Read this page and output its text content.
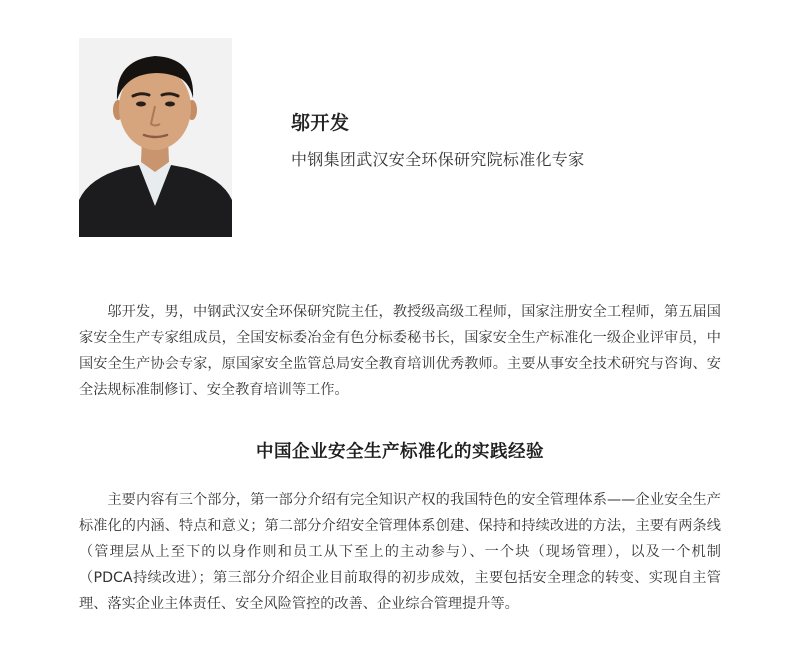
邬开发
中钢集团武汉安全环保研究院标准化专家

邬开发，男，中钢武汉安全环保研究院主任，教授级高级工程师，国家注册安全工程师，第五届国家安全生产专家组成员，全国安标委冶金有色分标委秘书长，国家安全生产标准化一级企业评审员，中国安全生产协会专家，原国家安全监管总局安全教育培训优秀教师。主要从事安全技术研究与咨询、安全法规标准制修订、安全教育培训等工作。

中国企业安全生产标准化的实践经验

主要内容有三个部分，第一部分介绍有完全知识产权的我国特色的安全管理体系——企业安全生产标准化的内涵、特点和意义；第二部分介绍安全管理体系创建、保持和持续改进的方法，主要有两条线（管理层从上至下的以身作则和员工从下至上的主动参与）、一个块（现场管理），以及一个机制（PDCA持续改进）；第三部分介绍企业目前取得的初步成效，主要包括安全理念的转变、实现自主管理、落实企业主体责任、安全风险管控的改善、企业综合管理提升等。
